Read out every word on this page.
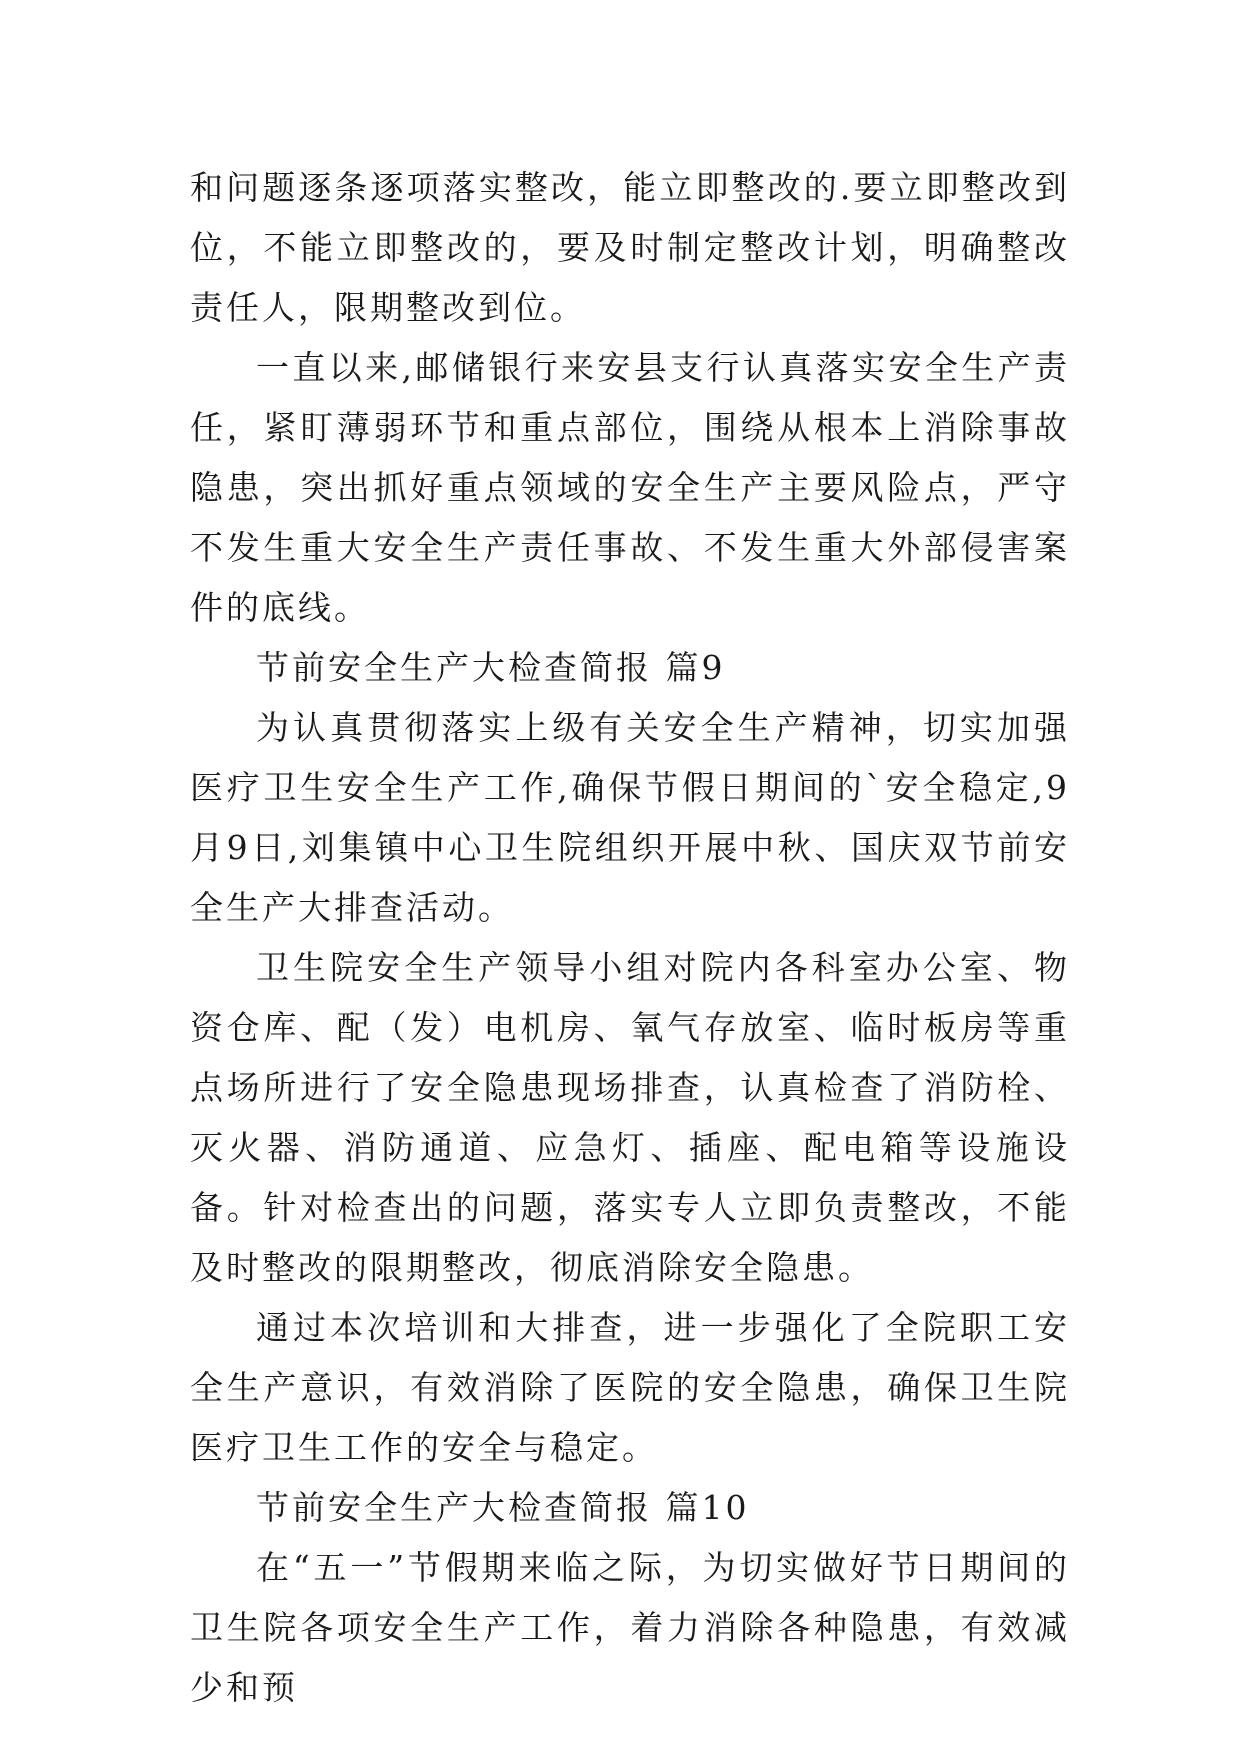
和问题逐条逐项落实整改，能立即整改的.要立即整改到位，不能立即整改的，要及时制定整改计划，明确整改责任人，限期整改到位。

一直以来,邮储银行来安县支行认真落实安全生产责任，紧盯薄弱环节和重点部位，围绕从根本上消除事故隐患，突出抓好重点领域的安全生产主要风险点，严守不发生重大安全生产责任事故、不发生重大外部侵害案件的底线。

节前安全生产大检查简报 篇9

为认真贯彻落实上级有关安全生产精神，切实加强医疗卫生安全生产工作,确保节假日期间的`安全稳定,9月9日,刘集镇中心卫生院组织开展中秋、国庆双节前安全生产大排查活动。

卫生院安全生产领导小组对院内各科室办公室、物资仓库、配（发）电机房、氧气存放室、临时板房等重点场所进行了安全隐患现场排查，认真检查了消防栓、灭火器、消防通道、应急灯、插座、配电箱等设施设备。针对检查出的问题，落实专人立即负责整改，不能及时整改的限期整改，彻底消除安全隐患。

通过本次培训和大排查，进一步强化了全院职工安全生产意识，有效消除了医院的安全隐患，确保卫生院医疗卫生工作的安全与稳定。

节前安全生产大检查简报 篇10

在“五一”节假期来临之际，为切实做好节日期间的卫生院各项安全生产工作，着力消除各种隐患，有效减少和预
